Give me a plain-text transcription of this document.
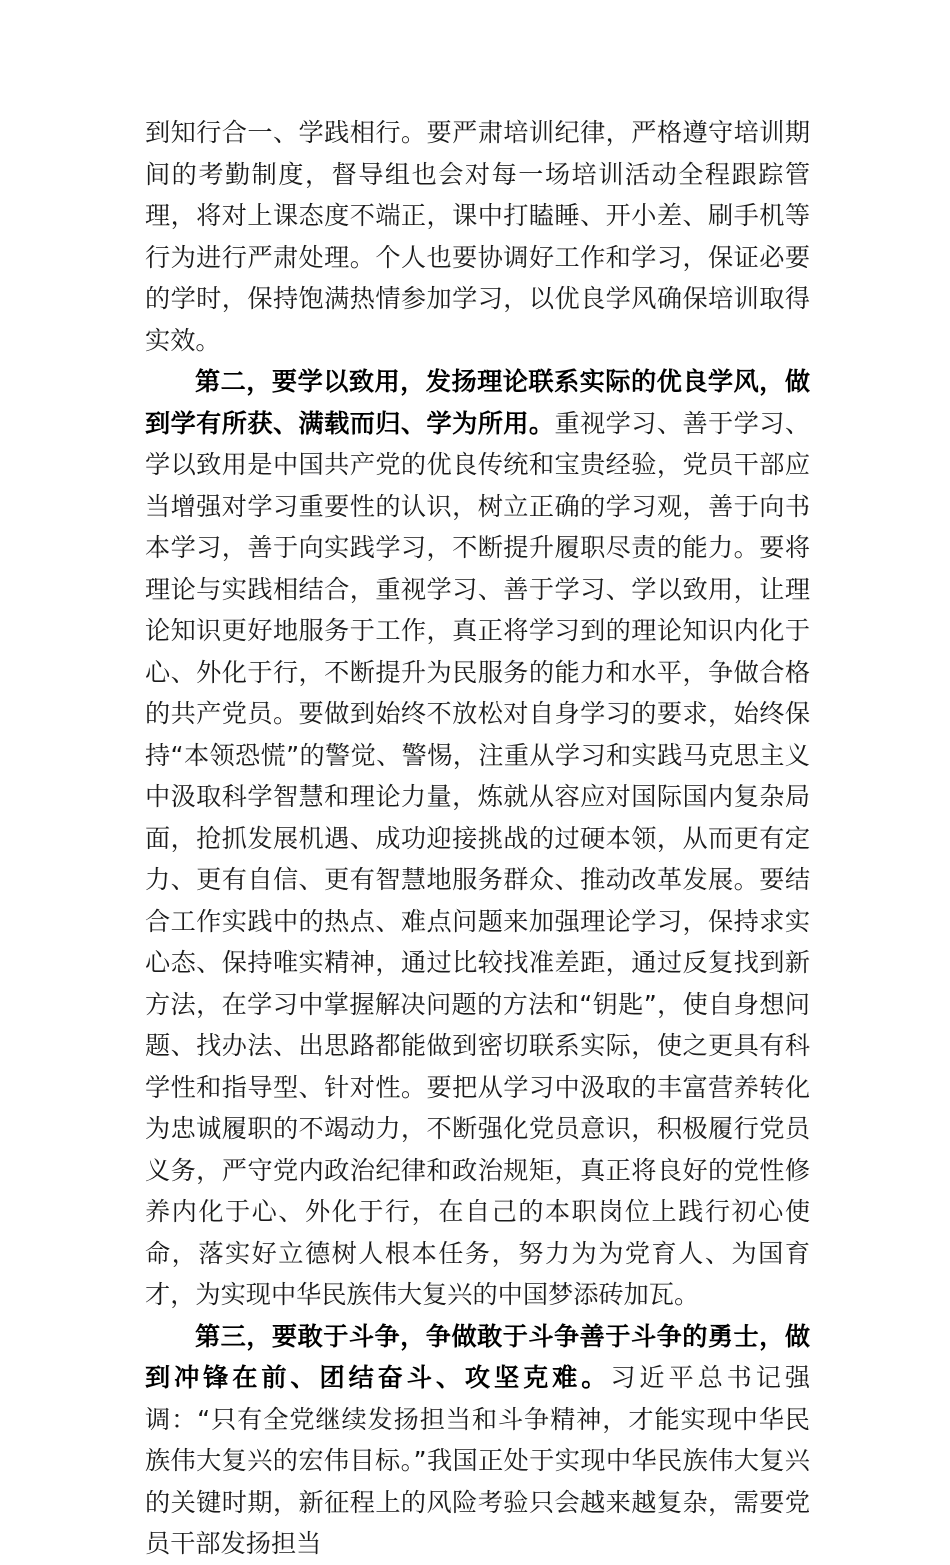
到知行合一、学践相行。要严肃培训纪律，严格遵守培训期间的考勤制度，督导组也会对每一场培训活动全程跟踪管理，将对上课态度不端正，课中打瞌睡、开小差、刷手机等行为进行严肃处理。个人也要协调好工作和学习，保证必要的学时，保持饱满热情参加学习，以优良学风确保培训取得实效。

第二，要学以致用，发扬理论联系实际的优良学风，做到学有所获、满载而归、学为所用。重视学习、善于学习、学以致用是中国共产党的优良传统和宝贵经验，党员干部应当增强对学习重要性的认识，树立正确的学习观，善于向书本学习，善于向实践学习，不断提升履职尽责的能力。要将理论与实践相结合，重视学习、善于学习、学以致用，让理论知识更好地服务于工作，真正将学习到的理论知识内化于心、外化于行，不断提升为民服务的能力和水平，争做合格的共产党员。要做到始终不放松对自身学习的要求，始终保持“本领恐慌”的警觉、警惕，注重从学习和实践马克思主义中汲取科学智慧和理论力量，炼就从容应对国际国内复杂局面，抢抓发展机遇、成功迎接挑战的过硬本领，从而更有定力、更有自信、更有智慧地服务群众、推动改革发展。要结合工作实践中的热点、难点问题来加强理论学习，保持求实心态、保持唯实精神，通过比较找准差距，通过反复找到新方法，在学习中掌握解决问题的方法和“钥匙”，使自身想问题、找办法、出思路都能做到密切联系实际，使之更具有科学性和指导型、针对性。要把从学习中汲取的丰富营养转化为忠诚履职的不竭动力，不断强化党员意识，积极履行党员义务，严守党内政治纪律和政治规矩，真正将良好的党性修养内化于心、外化于行，在自己的本职岗位上践行初心使命，落实好立德树人根本任务，努力为为党育人、为国育才，为实现中华民族伟大复兴的中国梦添砖加瓦。

第三，要敢于斗争，争做敢于斗争善于斗争的勇士，做到冲锋在前、团结奋斗、攻坚克难。习近平总书记强调：“只有全党继续发扬担当和斗争精神，才能实现中华民族伟大复兴的宏伟目标。”我国正处于实现中华民族伟大复兴的关键时期，新征程上的风险考验只会越来越复杂，需要党员干部发扬担当
